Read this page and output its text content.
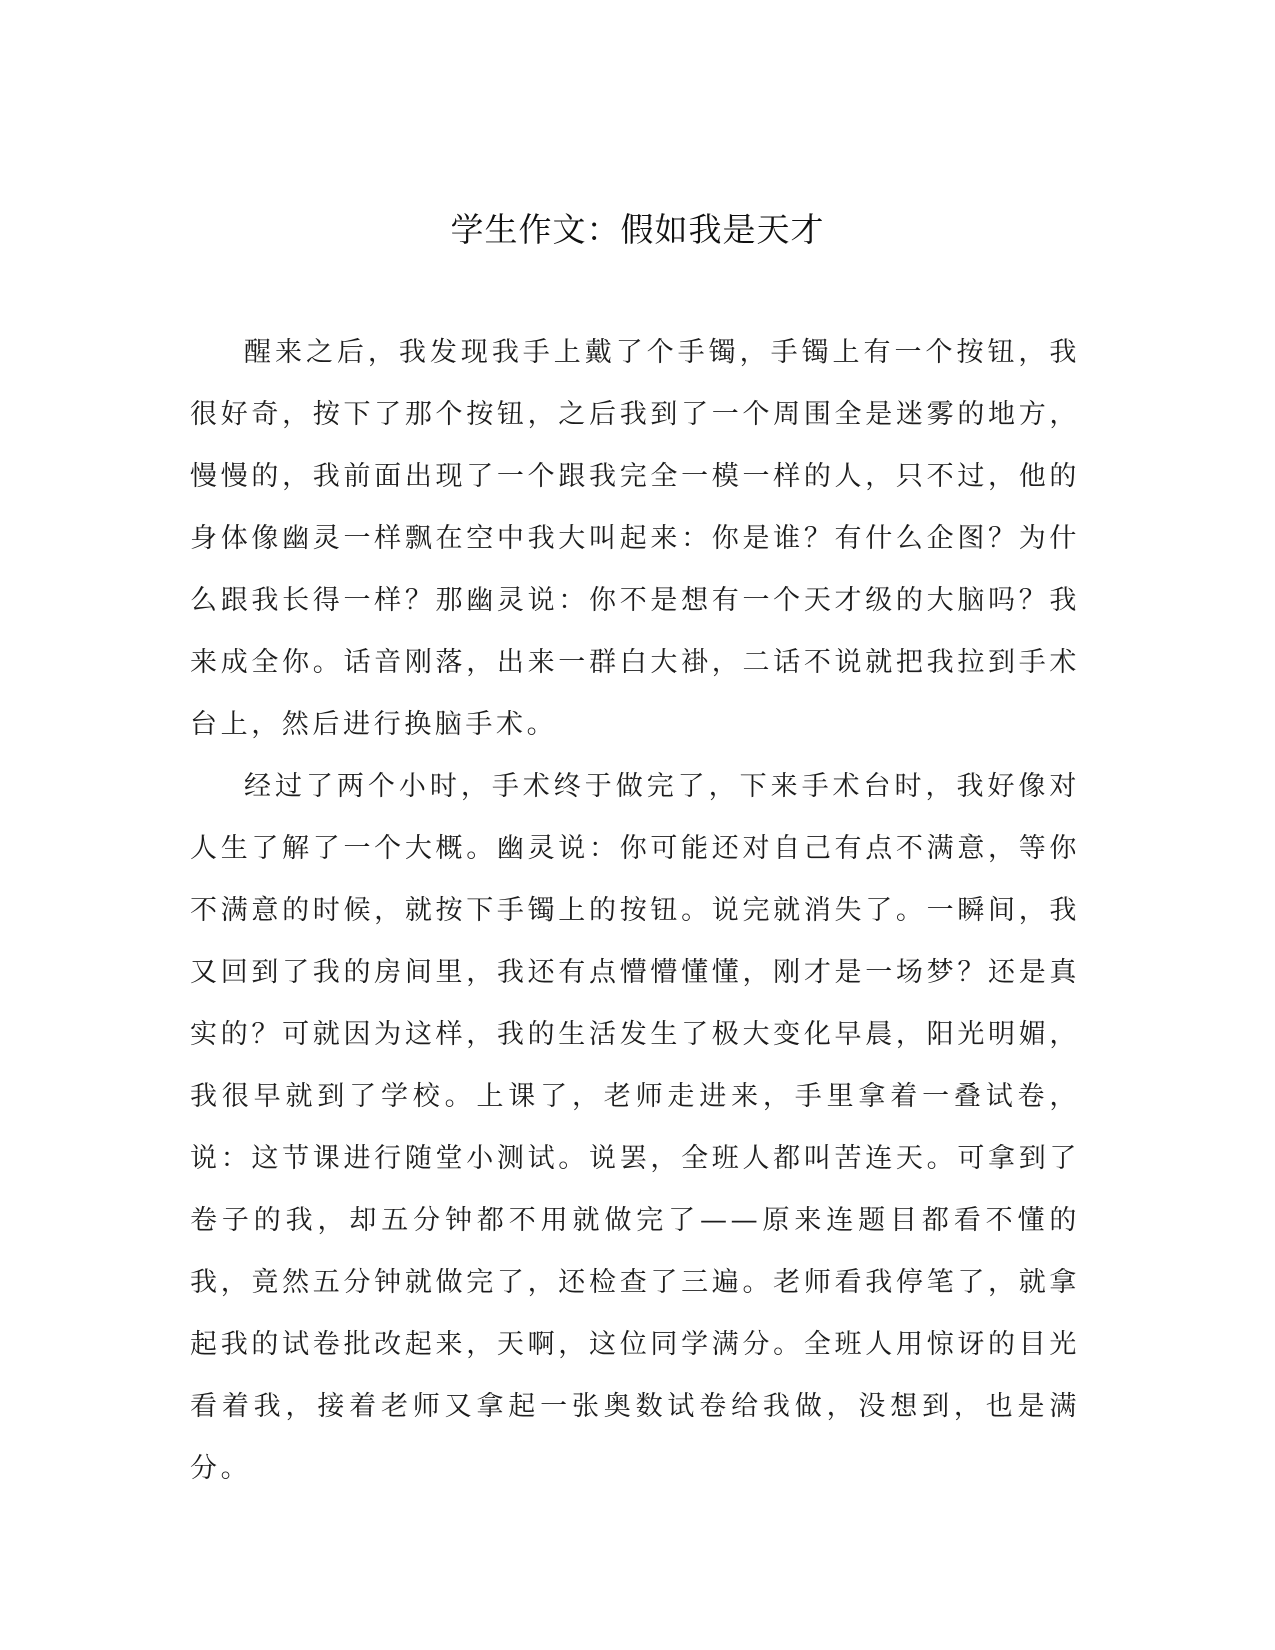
学生作文：假如我是天才

醒来之后，我发现我手上戴了个手镯，手镯上有一个按钮，我很好奇，按下了那个按钮，之后我到了一个周围全是迷雾的地方，慢慢的，我前面出现了一个跟我完全一模一样的人，只不过，他的身体像幽灵一样飘在空中我大叫起来：你是谁？有什么企图？为什么跟我长得一样？那幽灵说：你不是想有一个天才级的大脑吗？我来成全你。话音刚落，出来一群白大褂，二话不说就把我拉到手术台上，然后进行换脑手术。

经过了两个小时，手术终于做完了，下来手术台时，我好像对人生了解了一个大概。幽灵说：你可能还对自己有点不满意，等你不满意的时候，就按下手镯上的按钮。说完就消失了。一瞬间，我又回到了我的房间里，我还有点懵懵懂懂，刚才是一场梦？还是真实的？可就因为这样，我的生活发生了极大变化早晨，阳光明媚，我很早就到了学校。上课了，老师走进来，手里拿着一叠试卷，说：这节课进行随堂小测试。说罢，全班人都叫苦连天。可拿到了卷子的我，却五分钟都不用就做完了——原来连题目都看不懂的我，竟然五分钟就做完了，还检查了三遍。老师看我停笔了，就拿起我的试卷批改起来，天啊，这位同学满分。全班人用惊讶的目光看着我，接着老师又拿起一张奥数试卷给我做，没想到，也是满分。
